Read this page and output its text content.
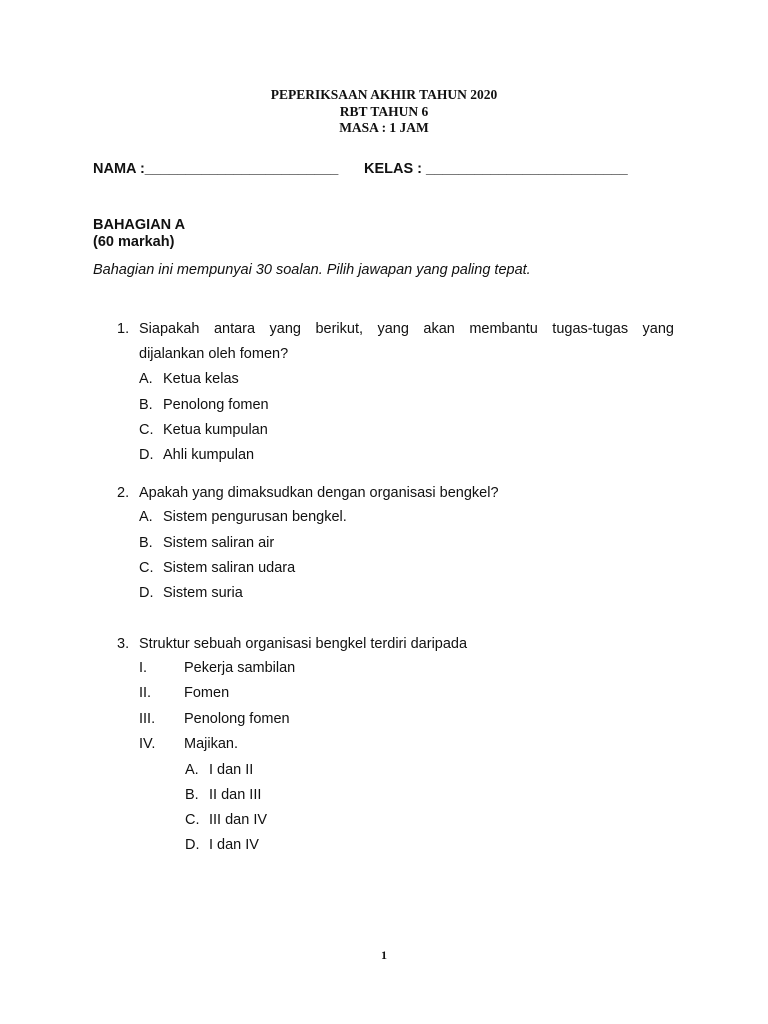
PEPERIKSAAN AKHIR TAHUN 2020
RBT TAHUN 6
MASA : 1 JAM
NAMA :________________________ KELAS : _________________________
BAHAGIAN A
(60 markah)
Bahagian ini mempunyai 30 soalan. Pilih jawapan yang paling tepat.
1. Siapakah antara yang berikut, yang akan membantu tugas-tugas yang
dijalankan oleh fomen?
A. Ketua kelas
B. Penolong fomen
C. Ketua kumpulan
D. Ahli kumpulan
2. Apakah yang dimaksudkan dengan organisasi bengkel?
A. Sistem pengurusan bengkel.
B. Sistem saliran air
C. Sistem saliran udara
D. Sistem suria
3. Struktur sebuah organisasi bengkel terdiri daripada
I.	Pekerja sambilan
II. Fomen
III. Penolong fomen
IV. Majikan.
A. I dan II
B. II dan III
C. III dan IV
D. I dan IV
1
